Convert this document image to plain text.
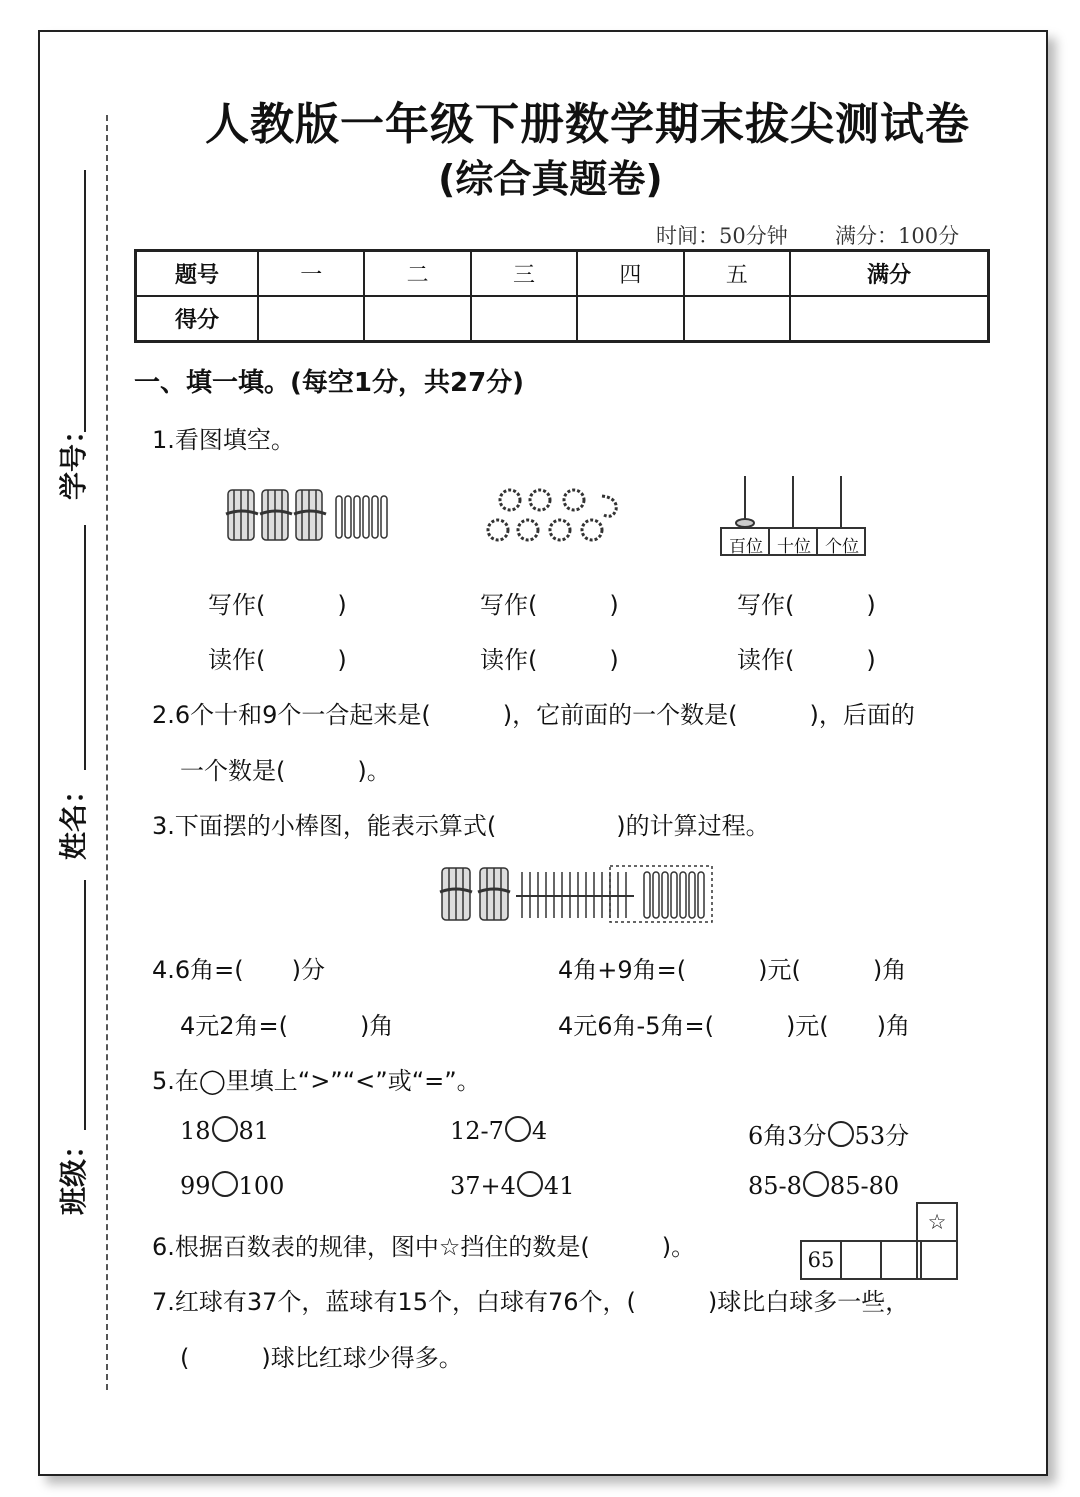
人教版一年级下册数学期末拔尖测试卷
(综合真题卷)
时间：50分钟 满分：100分
题号	一	二	三	四	五	满分
得分						
学号：
姓名：
班级：
一、填一填。(每空1分，共27分)
1.看图填空。
百位 十位 个位
写作(　　　)	写作(　　　)	写作(　　　)
读作(　　　)	读作(　　　)	读作(　　　)
2.6个十和9个一合起来是(　　　)，它前面的一个数是(　　　)，后面的
一个数是(　　　)。
3.下面摆的小棒图，能表示算式(　　　　　)的计算过程。
4.6角=(　　)分	4角+9角=(　　　)元(　　　)角
4元2角=(　　　)角	4元6角-5角=(　　　)元(　　)角
5.在◯里填上“>”“<”或“=”。
18 81	12-7 4	6角3分 53分
99 100	37+4 41	85-8 85-80
6.根据百数表的规律，图中☆挡住的数是(　　　)。	65		
☆

7.红球有37个，蓝球有15个，白球有76个，(　　　)球比白球多一些，
(　　　)球比红球少得多。
